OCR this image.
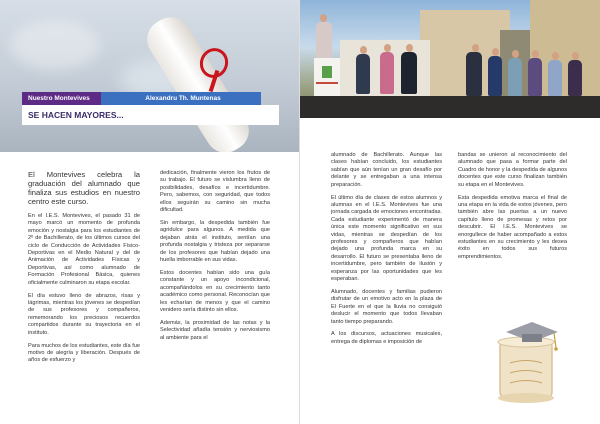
Nuestro Montevives	Alexandru Th. Muntenas
SE HACEN MAYORES...

El Montevives celebra la graduación del alumnado que finaliza sus estudios en nuestro centro este curso.

En el I.E.S. Montevives, el pasado 31 de mayo marcó un momento de profunda emoción y nostalgia para los estudiantes de 2º de Bachillerato, de los últimos cursos del ciclo de Conducción de Actividades Físico-Deportivas en el Medio Natural y del de Animación de Actividades Físicas y Deportivas, así como alumnado de Formación Profesional Básica, quienes oficialmente culminaron su etapa escolar.

El día estuvo lleno de abrazos, risas y lágrimas, mientras los jóvenes se despedían de sus profesores y compañeros, rememorando los preciosos recuerdos compartidos durante su trayectoria en el instituto.

Para muchos de los estudiantes, este día fue motivo de alegría y liberación. Después de años de esfuerzo y

dedicación, finalmente vieron los frutos de su trabajo. El futuro se vislumbra lleno de posibilidades, desafíos e incertidumbre. Pero, sabemos, con seguridad, que todos ellos seguirán su camino sin mucha dificultad.

Sin embargo, la despedida también fue agridulce para algunos. A medida que dejaban atrás el instituto, sentían una profunda nostalgia y tristeza por separarse de los profesores que habían dejado una huella imborrable en sus vidas.

Estos docentes habían sido una guía constante y un apoyo incondicional, acompañándolos en su crecimiento tanto académico como personal. Reconocían que les echarían de menos y que el camino venidero sería distinto sin ellos.

Además, la proximidad de las notas y la Selectividad añadía tensión y nerviosismo al ambiente para el

alumnado de Bachillerato. Aunque las clases habían concluido, los estudiantes sabían que aún tenían un gran desafío por delante y se entregaban a una intensa preparación.

El último día de clases de estos alumnos y alumnas en el I.E.S. Montevives fue una jornada cargada de emociones encontradas. Cada estudiante experimentó de manera única este momento significativo en sus vidas, mientras se despedían de los profesores y compañeros que habían dejado una profunda marca en su desarrollo. El futuro se presentaba lleno de incertidumbre, pero también de ilusión y esperanza por las oportunidades que les esperaban.

Alumnado, docentes y familias pudieron disfrutar de un emotivo acto en la plaza de El Fuerte en el que la lluvia no consiguió deslucir el momento que todos llevaban tanto tiempo preparando.

A los discursos, actuaciones musicales, entrega de diplomas e imposición de

bandas se unieron al reconocimiento del alumnado que pasa a formar parte del Cuadro de honor y la despedida de algunos docentes que este curso finalizan también su etapa en el Montevives.

Esta despedida emotiva marca el final de una etapa en la vida de estos jóvenes, pero también abre las puertas a un nuevo capítulo lleno de promesas y retos por descubrir. El I.E.S. Montevives se enorgullece de haber acompañado a estos estudiantes en su crecimiento y les desea éxito en todos sus futuros emprendimientos.
